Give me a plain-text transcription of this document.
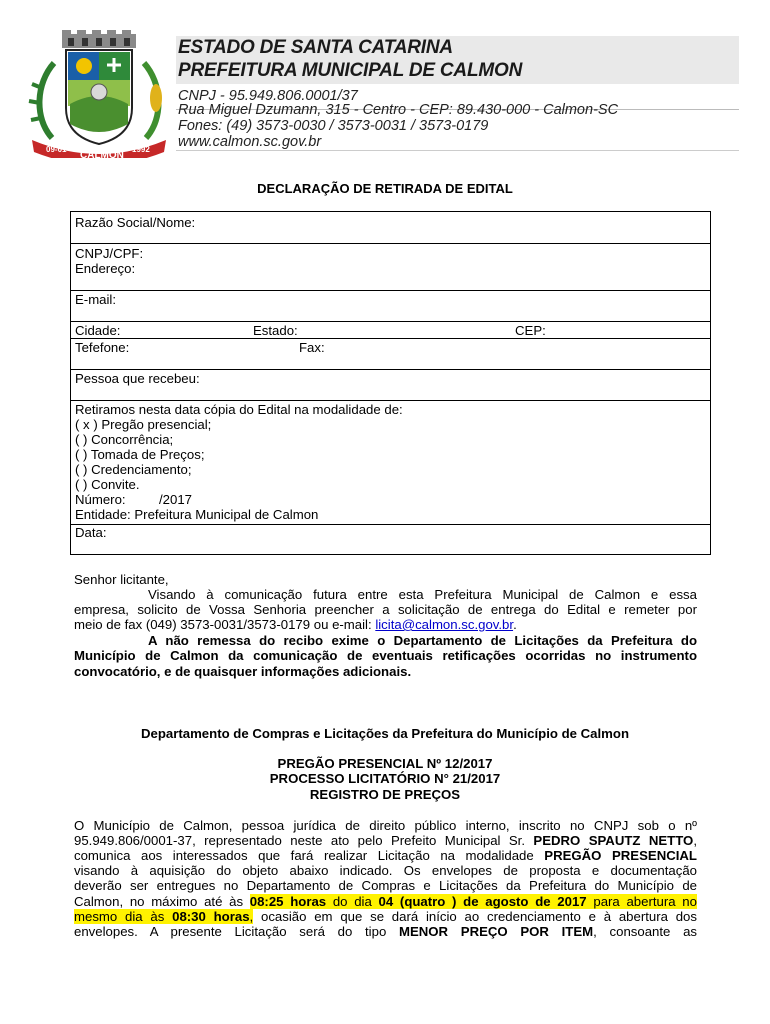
09-01
CALMON
1992
ESTADO DE SANTA CATARINA
PREFEITURA MUNICIPAL DE CALMON
CNPJ - 95.949.806.0001/37
Rua Miguel Dzumann, 315 - Centro - CEP: 89.430-000 - Calmon-SC
Fones: (49) 3573-0030 / 3573-0031 / 3573-0179
www.calmon.sc.gov.br
DECLARAÇÃO DE RETIRADA DE EDITAL
Razão Social/Nome:
CNPJ/CPF:
Endereço:
E-mail:
Cidade:	Estado:	CEP:
Tefefone:	Fax:
Pessoa que recebeu:
Retiramos nesta data cópia do Edital na modalidade de:
( x ) Pregão presencial;
( ) Concorrência;
( ) Tomada de Preços;
( ) Credenciamento;
( ) Convite.
Número:	/2017
Entidade: Prefeitura Municipal de Calmon
Data:
Senhor licitante,
Visando à comunicação futura entre esta Prefeitura Municipal de Calmon e essa
empresa, solicito de Vossa Senhoria preencher a solicitação de entrega do Edital e remeter por
meio de fax (049) 3573-0031/3573-0179 ou e-mail: licita@calmon.sc.gov.br.
A não remessa do recibo exime o Departamento de Licitações da Prefeitura do
Município de Calmon da comunicação de eventuais retificações ocorridas no instrumento
convocatório, e de quaisquer informações adicionais.
Departamento de Compras e Licitações da Prefeitura do Município de Calmon
PREGÃO PRESENCIAL Nº 12/2017
PROCESSO LICITATÓRIO N° 21/2017
REGISTRO DE PREÇOS
O Município de Calmon, pessoa jurídica de direito público interno, inscrito no CNPJ sob o nº
95.949.806/0001-37, representado neste ato pelo Prefeito Municipal Sr. PEDRO SPAUTZ NETTO,
comunica aos interessados que fará realizar Licitação na modalidade PREGÃO PRESENCIAL
visando à aquisição do objeto abaixo indicado. Os envelopes de proposta e documentação
deverão ser entregues no Departamento de Compras e Licitações da Prefeitura do Município de
Calmon, no máximo até às 08:25 horas do dia 04 (quatro ) de agosto de 2017 para abertura no
mesmo dia às 08:30 horas, ocasião em que se dará início ao credenciamento e à abertura dos
envelopes. A presente Licitação será do tipo MENOR PREÇO POR ITEM, consoante as
